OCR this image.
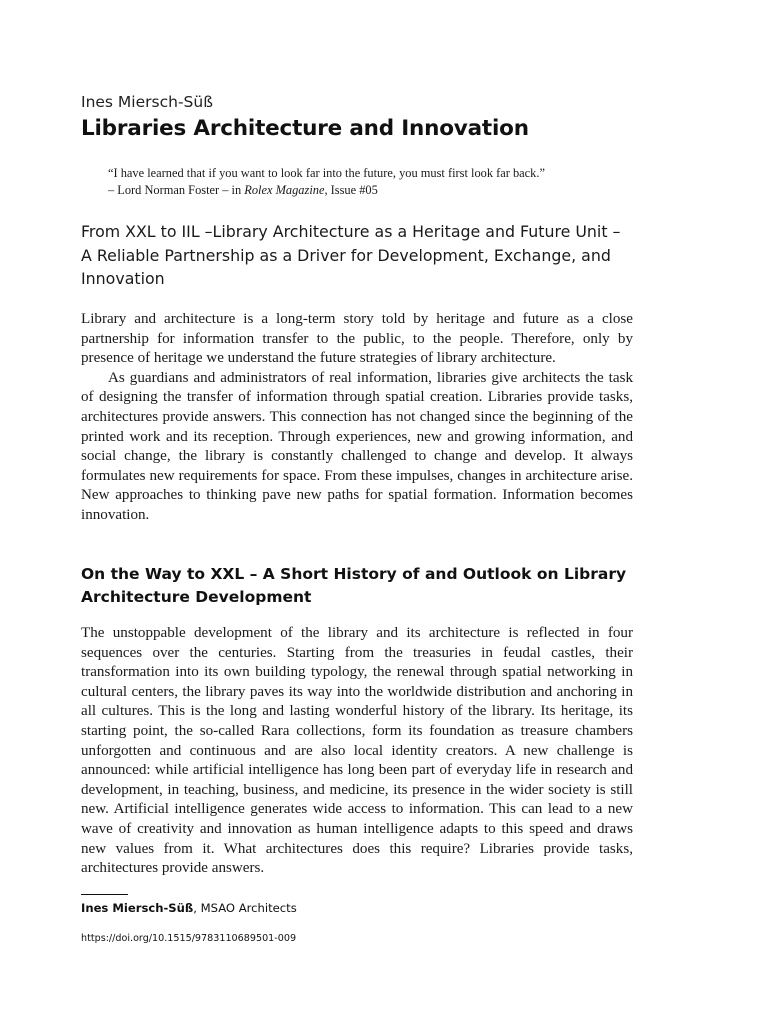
Ines Miersch-Süß
Libraries Architecture and Innovation
“I have learned that if you want to look far into the future, you must first look far back.”
– Lord Norman Foster – in Rolex Magazine, Issue #05
From XXL to IIL –Library Architecture as a Heritage and Future Unit – A Reliable Partnership as a Driver for Development, Exchange, and Innovation

Library and architecture is a long-term story told by heritage and future as a close partnership for information transfer to the public, to the people. Therefore, only by presence of heritage we understand the future strategies of library architecture.

As guardians and administrators of real information, libraries give architects the task of designing the transfer of information through spatial creation. Libraries provide tasks, architectures provide answers. This connection has not changed since the beginning of the printed work and its reception. Through experiences, new and growing information, and social change, the library is constantly challenged to change and develop. It always formulates new requirements for space. From these impulses, changes in architecture arise. New approaches to thinking pave new paths for spatial formation. Information becomes innovation.

On the Way to XXL – A Short History of and Outlook on Library Architecture Development

The unstoppable development of the library and its architecture is reflected in four sequences over the centuries. Starting from the treasuries in feudal castles, their transformation into its own building typology, the renewal through spatial networking in cultural centers, the library paves its way into the worldwide distribution and anchoring in all cultures. This is the long and lasting wonderful history of the library. Its heritage, its starting point, the so-called Rara collections, form its foundation as treasure chambers unforgotten and continuous and are also local identity creators. A new challenge is announced: while artificial intelligence has long been part of everyday life in research and development, in teaching, business, and medicine, its presence in the wider society is still new. Artificial intelligence generates wide access to information. This can lead to a new wave of creativity and innovation as human intelligence adapts to this speed and draws new values from it. What architectures does this require? Libraries provide tasks, architectures provide answers.

Ines Miersch-Süß, MSAO Architects
https://doi.org/10.1515/9783110689501-009
